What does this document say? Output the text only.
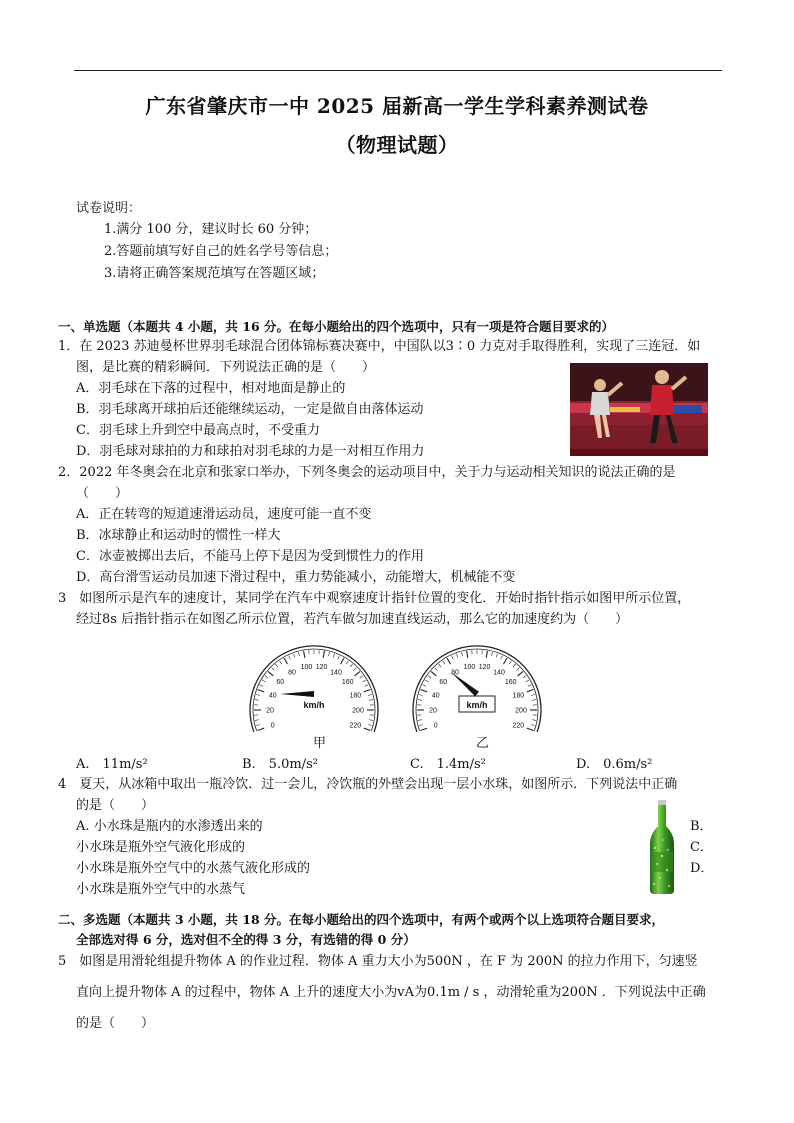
广东省肇庆市一中 2025 届新高一学生学科素养测试卷
（物理试题）
试卷说明：
1.满分 100 分，建议时长 60 分钟；
2.答题前填写好自己的姓名学号等信息；
3.请将正确答案规范填写在答题区域；
一、单选题（本题共 4 小题，共 16 分。在每小题给出的四个选项中，只有一项是符合题目要求的）
1．在 2023 苏迪曼杯世界羽毛球混合团体锦标赛决赛中，中国队以3∶0 力克对手取得胜利，实现了三连冠．如
图，是比赛的精彩瞬间．下列说法正确的是（　　）
A．羽毛球在下落的过程中，相对地面是静止的
B．羽毛球离开球拍后还能继续运动，一定是做自由落体运动
C．羽毛球上升到空中最高点时，不受重力
D．羽毛球对球拍的力和球拍对羽毛球的力是一对相互作用力
2．2022 年冬奥会在北京和张家口举办，下列冬奥会的运动项目中，关于力与运动相关知识的说法正确的是
（　　）
A．正在转弯的短道速滑运动员，速度可能一直不变
B．冰球静止和运动时的惯性一样大
C．冰壶被掷出去后，不能马上停下是因为受到惯性力的作用
D．高台滑雪运动员加速下滑过程中，重力势能减小，动能增大，机械能不变
3　如图所示是汽车的速度计，某同学在汽车中观察速度计指针位置的变化．开始时指针指示如图甲所示位置，
经过8s 后指针指示在如图乙所示位置，若汽车做匀加速直线运动，那么它的加速度约为（　　）
0
20
40
60
80
100 120
140
160
180
200
220
km/h
0
20
40
60
80
100 120
140
160
180
200
220
km/h
甲	乙
A.　11m/s²	B.　5.0m/s²	C.　1.4m/s²	D.　0.6m/s²
4　夏天，从冰箱中取出一瓶冷饮．过一会儿，冷饮瓶的外壁会出现一层小水珠，如图所示．下列说法中正确
的是（　　）
A. 小水珠是瓶内的水渗透出来的
小水珠是瓶外空气液化形成的
小水珠是瓶外空气中的水蒸气液化形成的
小水珠是瓶外空气中的水蒸气
B．
C．
D．
二、多选题（本题共 3 小题，共 18 分。在每小题给出的四个选项中，有两个或两个以上选项符合题目要求，
全部选对得 6 分，选对但不全的得 3 分，有选错的得 0 分）
5　如图是用滑轮组提升物体 A 的作业过程．物体 A 重力大小为500N ，在 F 为 200N 的拉力作用下，匀速竖
直向上提升物体 A 的过程中，物体 A 上升的速度大小为vA为0.1m / s ，动滑轮重为200N ．下列说法中正确
的是（　　）
